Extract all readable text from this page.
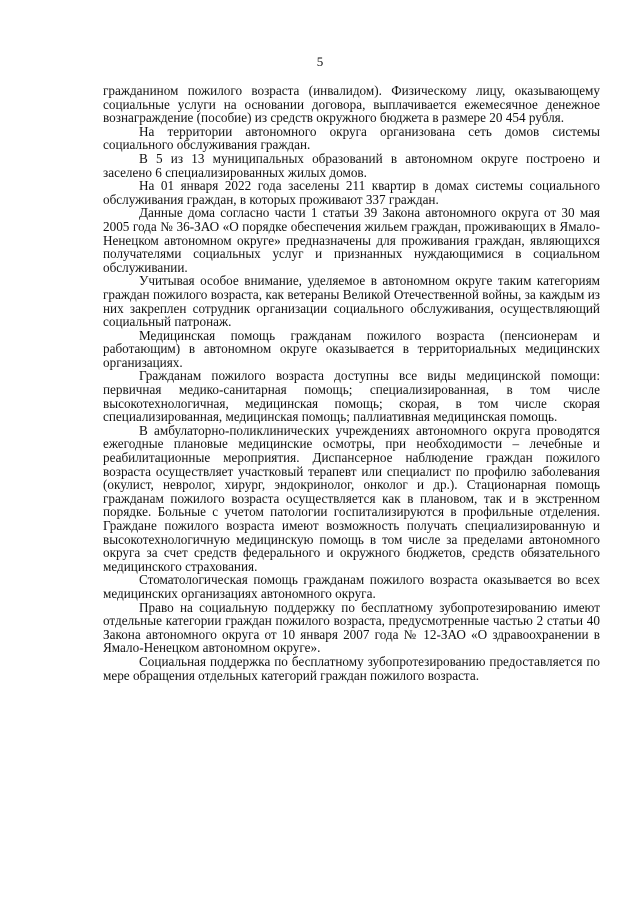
5

гражданином пожилого возраста (инвалидом). Физическому лицу, оказывающему социальные услуги на основании договора, выплачивается ежемесячное денежное вознаграждение (пособие) из средств окружного бюджета в размере 20 454 рубля.

На территории автономного округа организована сеть домов системы социального обслуживания граждан.

В 5 из 13 муниципальных образований в автономном округе построено и заселено 6 специализированных жилых домов.

На 01 января 2022 года заселены 211 квартир в домах системы социального обслуживания граждан, в которых проживают 337 граждан.

Данные дома согласно части 1 статьи 39 Закона автономного округа от 30 мая 2005 года № 36-ЗАО «О порядке обеспечения жильем граждан, проживающих в Ямало-Ненецком автономном округе» предназначены для проживания граждан, являющихся получателями социальных услуг и признанных нуждающимися в социальном обслуживании.

Учитывая особое внимание, уделяемое в автономном округе таким категориям граждан пожилого возраста, как ветераны Великой Отечественной войны, за каждым из них закреплен сотрудник организации социального обслуживания, осуществляющий социальный патронаж.

Медицинская помощь гражданам пожилого возраста (пенсионерам и работающим) в автономном округе оказывается в территориальных медицинских организациях.

Гражданам пожилого возраста доступны все виды медицинской помощи: первичная медико-санитарная помощь; специализированная, в том числе высокотехнологичная, медицинская помощь; скорая, в том числе скорая специализированная, медицинская помощь; паллиативная медицинская помощь.

В амбулаторно-поликлинических учреждениях автономного округа проводятся ежегодные плановые медицинские осмотры, при необходимости – лечебные и реабилитационные мероприятия. Диспансерное наблюдение граждан пожилого возраста осуществляет участковый терапевт или специалист по профилю заболевания (окулист, невролог, хирург, эндокринолог, онколог и др.). Стационарная помощь гражданам пожилого возраста осуществляется как в плановом, так и в экстренном порядке. Больные с учетом патологии госпитализируются в профильные отделения. Граждане пожилого возраста имеют возможность получать специализированную и высокотехнологичную медицинскую помощь в том числе за пределами автономного округа за счет средств федерального и окружного бюджетов, средств обязательного медицинского страхования.

Стоматологическая помощь гражданам пожилого возраста оказывается во всех медицинских организациях автономного округа.

Право на социальную поддержку по бесплатному зубопротезированию имеют отдельные категории граждан пожилого возраста, предусмотренные частью 2 статьи 40 Закона автономного округа от 10 января 2007 года № 12-ЗАО «О здравоохранении в Ямало-Ненецком автономном округе».

Социальная поддержка по бесплатному зубопротезированию предоставляется по мере обращения отдельных категорий граждан пожилого возраста.
